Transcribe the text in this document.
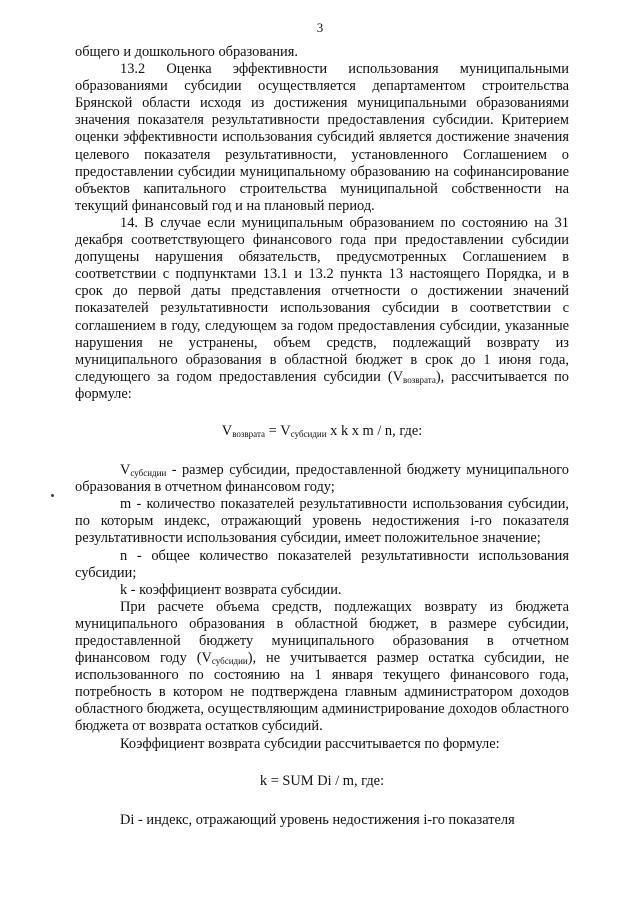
3

общего и дошкольного образования.

13.2 Оценка эффективности использования муниципальными образованиями субсидии осуществляется департаментом строительства Брянской области исходя из достижения муниципальными образованиями значения показателя результативности предоставления субсидии. Критерием оценки эффективности использования субсидий является достижение значения целевого показателя результативности, установленного Соглашением о предоставлении субсидии муниципальному образованию на софинансирование объектов капитального строительства муниципальной собственности на текущий финансовый год и на плановый период.

14. В случае если муниципальным образованием по состоянию на 31 декабря соответствующего финансового года при предоставлении субсидии допущены нарушения обязательств, предусмотренных Соглашением в соответствии с подпунктами 13.1 и 13.2 пункта 13 настоящего Порядка, и в срок до первой даты представления отчетности о достижении значений показателей результативности использования субсидии в соответствии с соглашением в году, следующем за годом предоставления субсидии, указанные нарушения не устранены, объем средств, подлежащий возврату из муниципального образования в областной бюджет в срок до 1 июня года, следующего за годом предоставления субсидии $(V_{возврата})$, рассчитывается по формуле:

$V_{возврата} = V_{субсидии}$ x k x m / n, где:

$V_{субсидии}$ - размер субсидии, предоставленной бюджету муниципального образования в отчетном финансовом году;

m - количество показателей результативности использования субсидии, по которым индекс, отражающий уровень недостижения i-го показателя результативности использования субсидии, имеет положительное значение;

n - общее количество показателей результативности использования субсидии;

k - коэффициент возврата субсидии.

При расчете объема средств, подлежащих возврату из бюджета муниципального образования в областной бюджет, в размере субсидии, предоставленной бюджету муниципального образования в отчетном финансовом году $(V_{субсидии})$, не учитывается размер остатка субсидии, не использованного по состоянию на 1 января текущего финансового года, потребность в котором не подтверждена главным администратором доходов областного бюджета, осуществляющим администрирование доходов областного бюджета от возврата остатков субсидий.

Коэффициент возврата субсидии рассчитывается по формуле:

k = SUM Di / m, где:

Di - индекс, отражающий уровень недостижения i-го показателя
